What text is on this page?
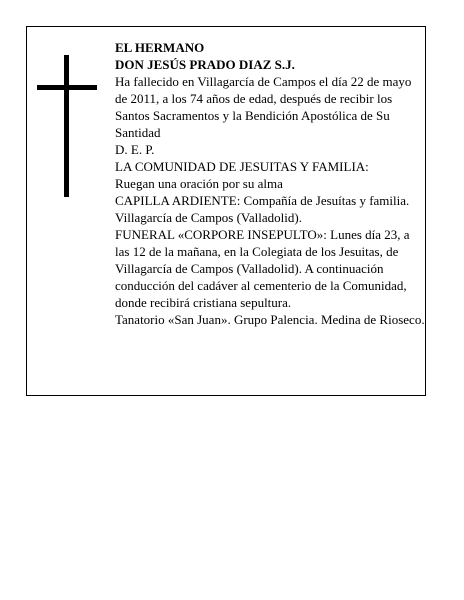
EL HERMANO

DON JESÚS PRADO DIAZ S.J.

Ha fallecido en Villagarcía de Campos el día 22 de mayo de 2011, a los 74 años de edad, después de recibir los Santos Sacramentos y la Bendición Apostólica de Su Santidad

D. E. P.

LA COMUNIDAD DE JESUITAS Y FAMILIA:

Ruegan una oración por su alma

CAPILLA ARDIENTE: Compañía de Jesuítas y familia. Villagarcía de Campos (Valladolid).

FUNERAL «CORPORE INSEPULTO»: Lunes día 23, a las 12 de la mañana, en la Colegiata de los Jesuitas, de Villagarcía de Campos (Valladolid). A continuación conducción del cadáver al cementerio de la Comunidad, donde recibirá cristiana sepultura.

Tanatorio «San Juan». Grupo Palencia. Medina de Rioseco.
